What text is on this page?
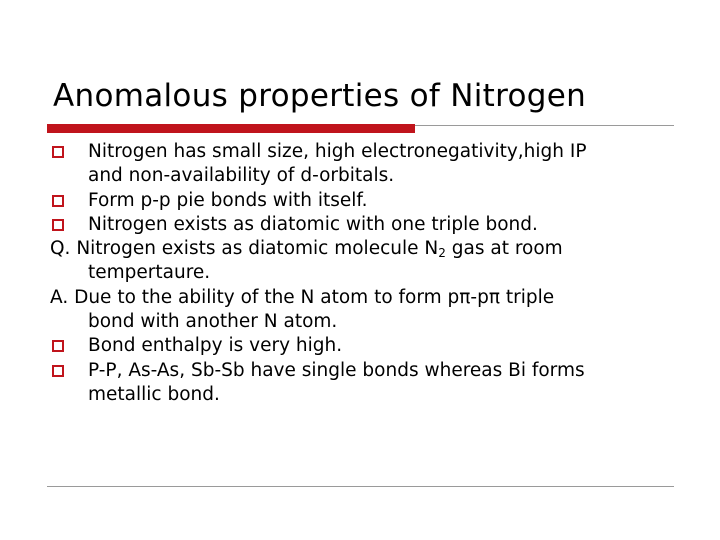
Anomalous properties of Nitrogen
Nitrogen has small size, high electronegativity,high IP
and non-availability of d-orbitals.
Form p-p pie bonds with itself.
Nitrogen exists as diatomic with one triple bond.
Q. Nitrogen exists as diatomic molecule $N_2$ gas at room
tempertaure.
A. Due to the ability of the N atom to form pπ-pπ triple
bond with another N atom.
Bond enthalpy is very high.
P-P, As-As, Sb-Sb have single bonds whereas Bi forms
metallic bond.
